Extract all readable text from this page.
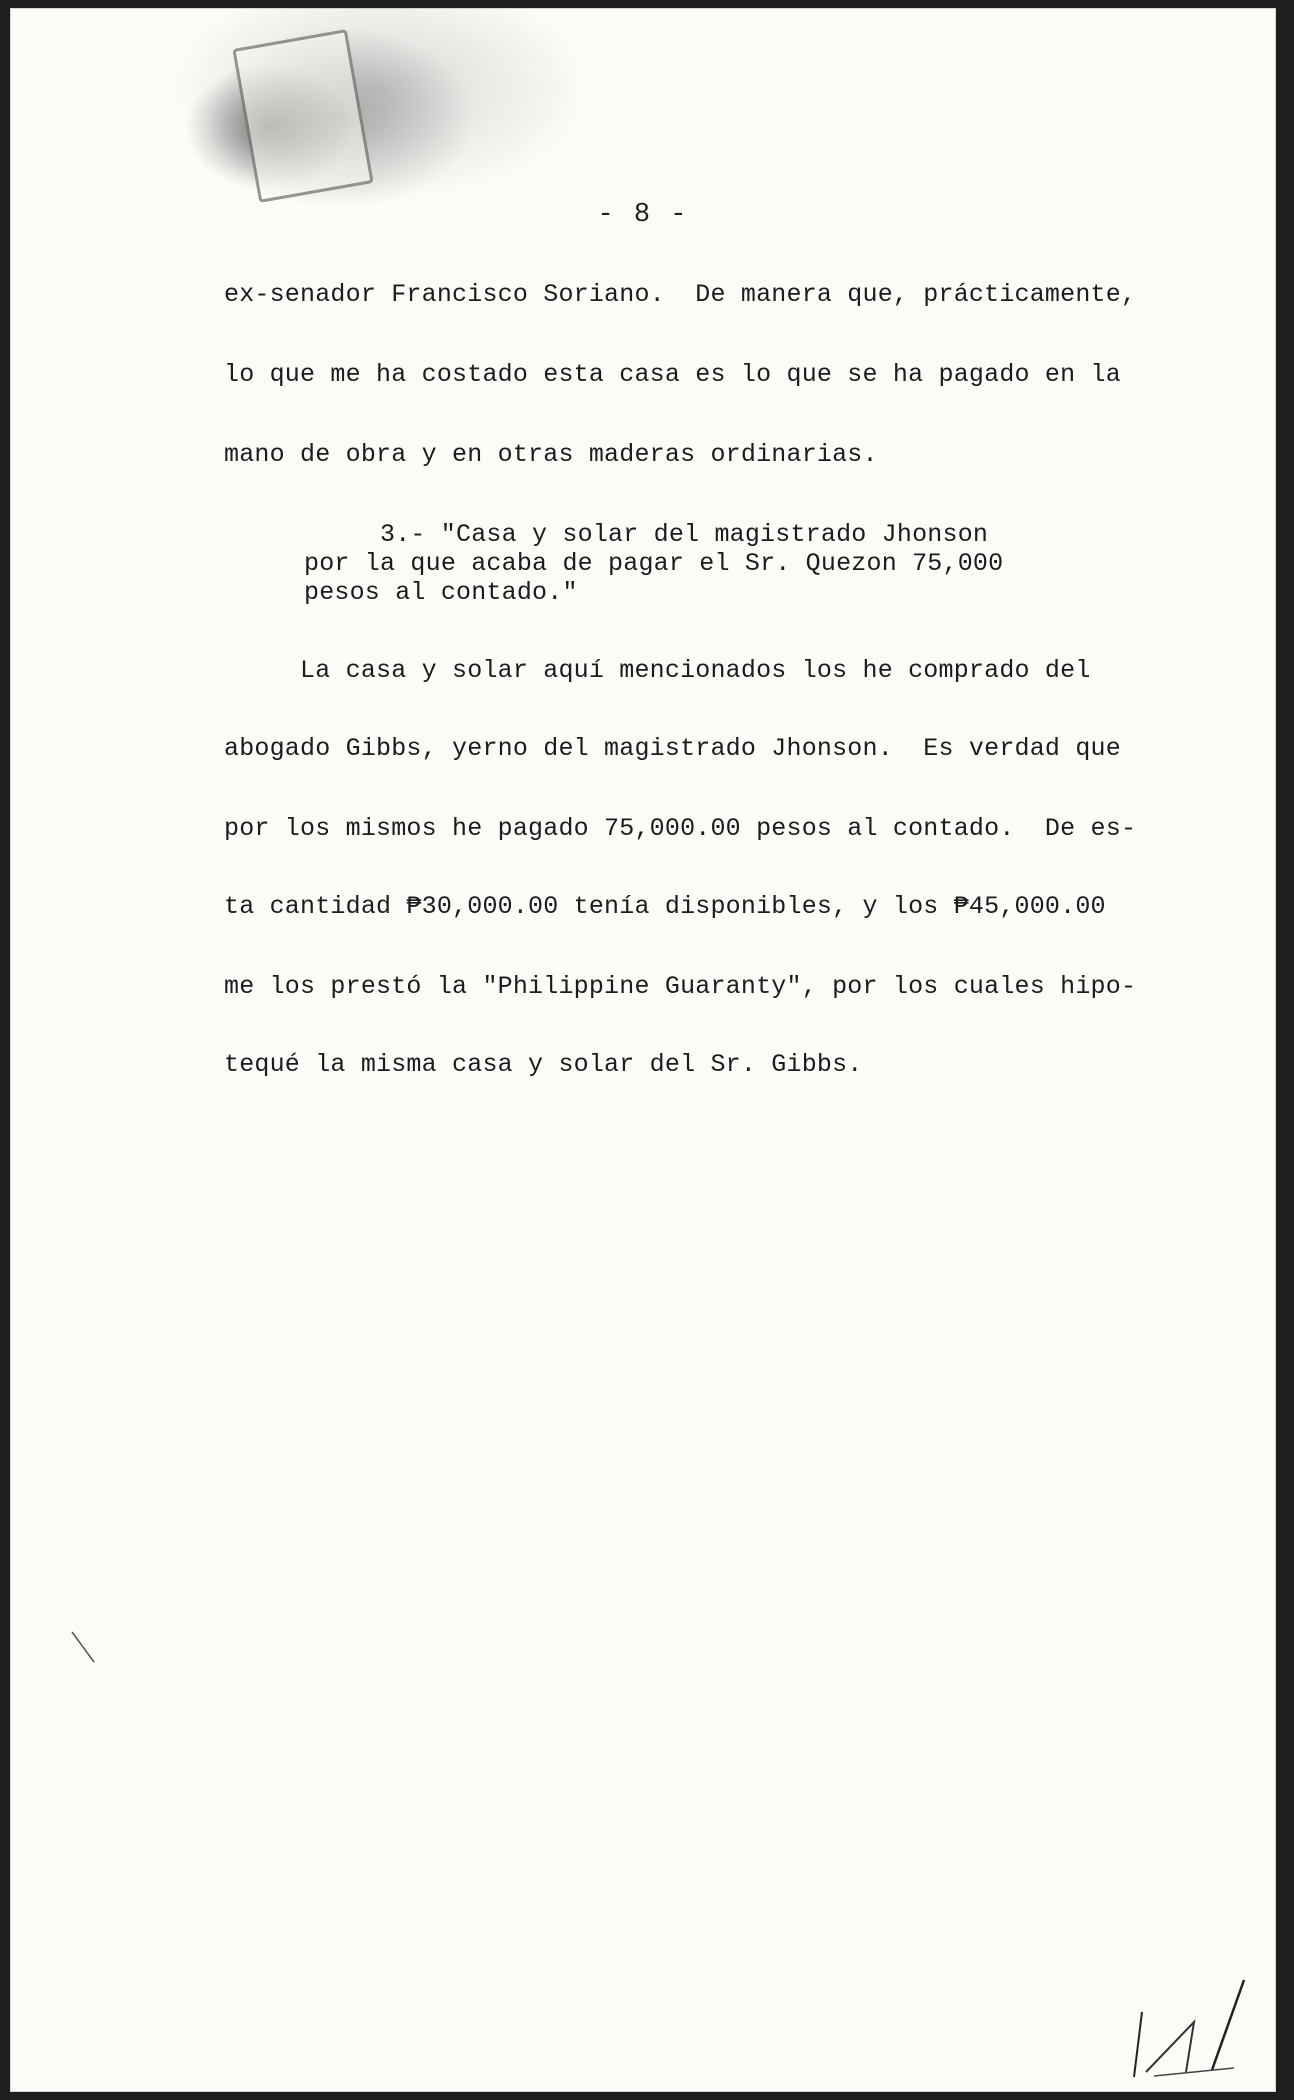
- 8 -
ex-senador Francisco Soriano.  De manera que, prácticamente,
lo que me ha costado esta casa es lo que se ha pagado en la
mano de obra y en otras maderas ordinarias.
3.- "Casa y solar del magistrado Jhonson
por la que acaba de pagar el Sr. Quezon 75,000
pesos al contado."
La casa y solar aquí mencionados los he comprado del
abogado Gibbs, yerno del magistrado Jhonson.  Es verdad que
por los mismos he pagado 75,000.00 pesos al contado.  De es-
ta cantidad ₱30,000.00 tenía disponibles, y los ₱45,000.00
me los prestó la "Philippine Guaranty", por los cuales hipo-
tequé la misma casa y solar del Sr. Gibbs.
